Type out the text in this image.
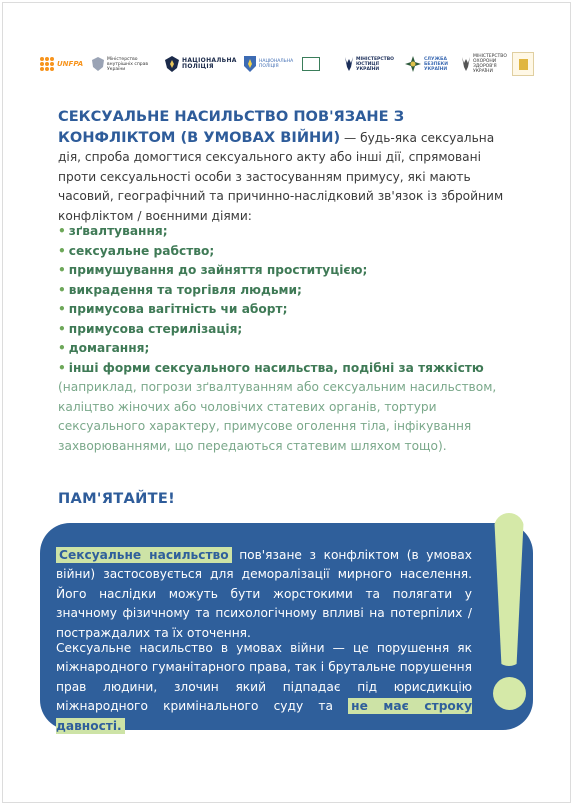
UNFPA
Міністерство внутрішніх справ України
НАЦІОНАЛЬНА ПОЛІЦІЯ
НАЦІОНАЛЬНА ПОЛІЦІЯ
МІНІСТЕРСТВО ЮСТИЦІЇ УКРАЇНИ
СЛУЖБА БЕЗПЕКИ УКРАЇНИ
МІНІСТЕРСТВО ОХОРОНИ ЗДОРОВ'Я УКРАЇНИ
СЕКСУАЛЬНЕ НАСИЛЬСТВО ПОВ'ЯЗАНЕ З КОНФЛІКТОМ (В УМОВАХ ВІЙНИ) — будь-яка сексуальна дія, спроба домогтися сексуального акту або інші дії, спрямовані проти сексуальності особи з застосуванням примусу, які мають часовий, географічний та причинно-наслідковий зв'язок із збройним конфліктом / воєнними діями:
• зґвалтування;
• сексуальне рабство;
• примушування до зайняття проституцією;
• викрадення та торгівля людьми;
• примусова вагітність чи аборт;
• примусова стерилізація;
• домагання;
• інші форми сексуального насильства, подібні за тяжкістю (наприклад, погрози зґвалтуванням або сексуальним насильством, каліцтво жіночих або чоловічих статевих органів, тортури сексуального характеру, примусове оголення тіла, інфікування захворюваннями, що передаються статевим шляхом тощо).
ПАМ'ЯТАЙТЕ!
Сексуальне насильство пов'язане з конфліктом (в умовах війни) застосовується для деморалізації мирного населення. Його наслідки можуть бути жорстокими та полягати у значному фізичному та психологічному впливі на потерпілих / постраждалих та їх оточення.
Сексуальне насильство в умовах війни — це порушення як міжнародного гуманітарного права, так і брутальне порушення прав людини, злочин який підпадає під юрисдикцію міжнародного кримінального суду та не має строку давності.
